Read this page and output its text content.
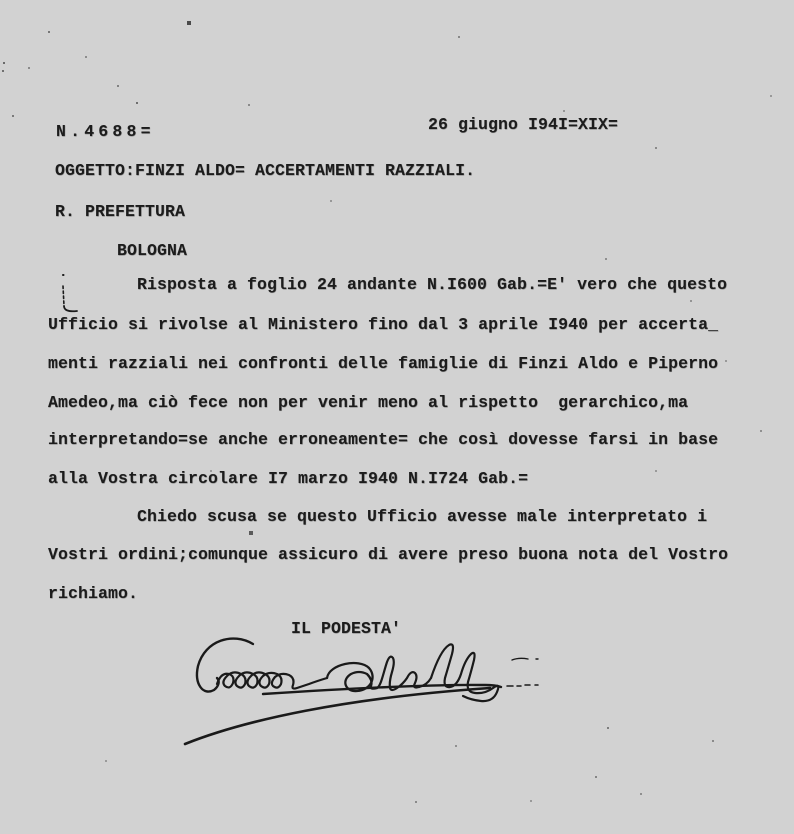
N.4688=	26 giugno I94I=XIX=
OGGETTO:FINZI ALDO= ACCERTAMENTI RAZZIALI.
R. PREFETTURA
BOLOGNA
Risposta a foglio 24 andante N.I600 Gab.=E' vero che questo
Ufficio si rivolse al Ministero fino dal 3 aprile I940 per accerta_
menti razziali nei confronti delle famiglie di Finzi Aldo e Piperno
Amedeo,ma ciò fece non per venir meno al rispetto  gerarchico,ma
interpretando=se anche erroneamente= che così dovesse farsi in base
alla Vostra circolare I7 marzo I940 N.I724 Gab.=
Chiedo scusa se questo Ufficio avesse male interpretato i
Vostri ordini;comunque assicuro di avere preso buona nota del Vostro
richiamo.
IL PODESTA'
